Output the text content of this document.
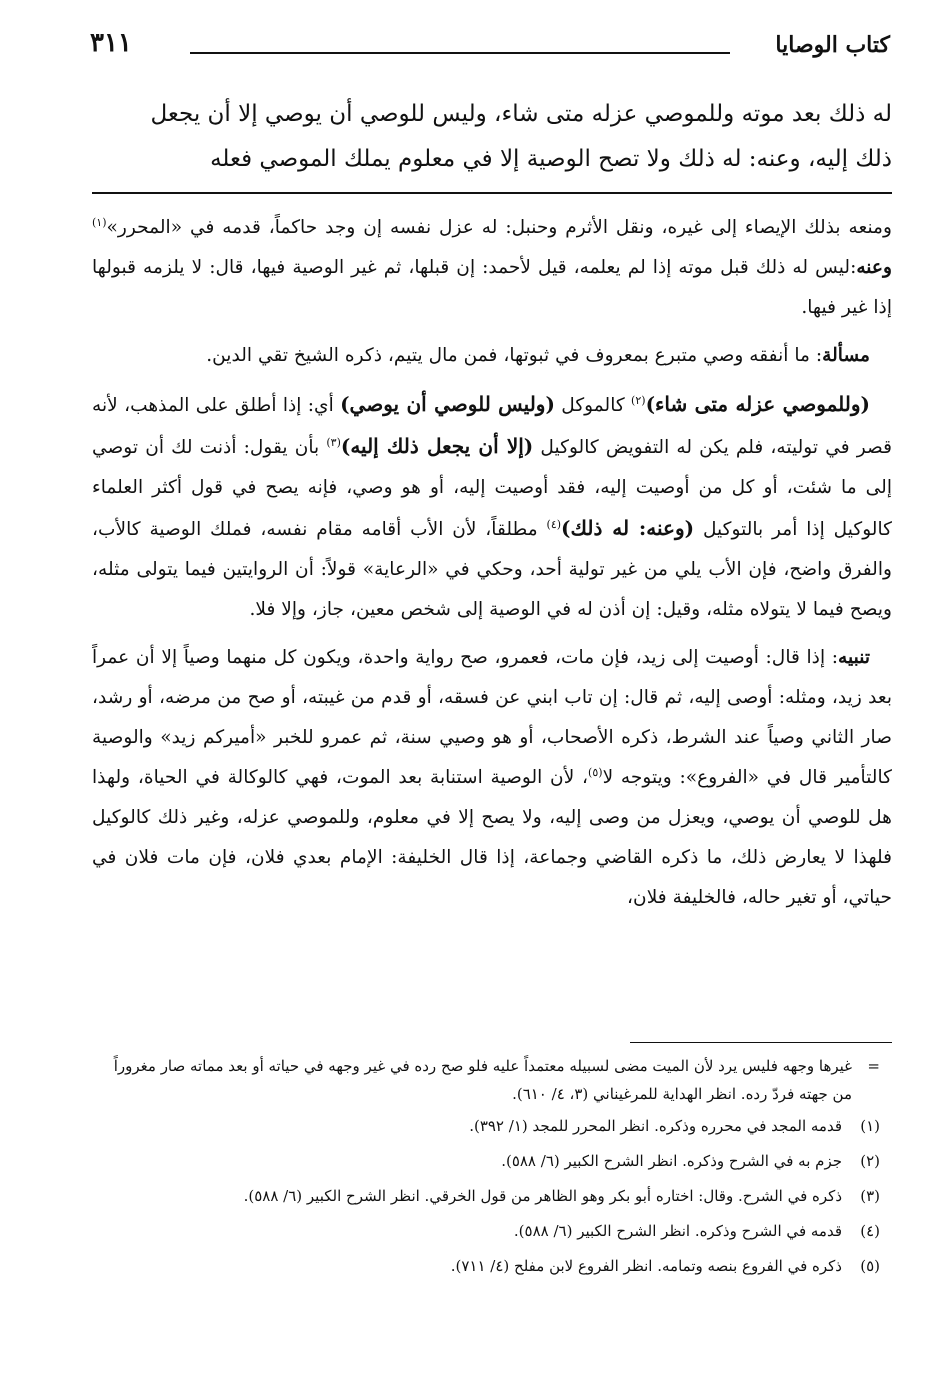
كتاب الوصايا
٣١١

له ذلك بعد موته وللموصي عزله متى شاء، وليس للوصي أن يوصي إلا أن يجعل

ذلك إليه، وعنه: له ذلك ولا تصح الوصية إلا في معلوم يملك الموصي فعله

ومنعه بذلك الإيصاء إلى غيره، ونقل الأثرم وحنبل: له عزل نفسه إن وجد حاكماً، قدمه في «المحرر»$^{(١)}$ وعنه:ليس له ذلك قبل موته إذا لم يعلمه، قيل لأحمد: إن قبلها، ثم غير الوصية فيها، قال: لا يلزمه قبولها إذا غير فيها.

مسألة: ما أنفقه وصي متبرع بمعروف في ثبوتها، فمن مال يتيم، ذكره الشيخ تقي الدين.

(وللموصي عزله متى شاء)$^{(٢)}$ كالموكل (وليس للوصي أن يوصي) أي: إذا أطلق على المذهب، لأنه قصر في توليته، فلم يكن له التفويض كالوكيل (إلا أن يجعل ذلك إليه)$^{(٣)}$ بأن يقول: أذنت لك أن توصي إلى ما شئت، أو كل من أوصيت إليه، فقد أوصيت إليه، أو هو وصي، فإنه يصح في قول أكثر العلماء كالوكيل إذا أمر بالتوكيل (وعنه: له ذلك)$^{(٤)}$ مطلقاً، لأن الأب أقامه مقام نفسه، فملك الوصية كالأب، والفرق واضح، فإن الأب يلي من غير تولية أحد، وحكي في «الرعاية» قولاً: أن الروايتين فيما يتولى مثله، ويصح فيما لا يتولاه مثله، وقيل: إن أذن له في الوصية إلى شخص معين، جاز، وإلا فلا.

تنبيه: إذا قال: أوصيت إلى زيد، فإن مات، فعمرو، صح رواية واحدة، ويكون كل منهما وصياً إلا أن عمراً بعد زيد، ومثله: أوصى إليه، ثم قال: إن تاب ابني عن فسقه، أو قدم من غيبته، أو صح من مرضه، أو رشد، صار الثاني وصياً عند الشرط، ذكره الأصحاب، أو هو وصيي سنة، ثم عمرو للخبر «أميركم زيد» والوصية كالتأمير قال في «الفروع»: ويتوجه لا$^{(٥)}$، لأن الوصية استنابة بعد الموت، فهي كالوكالة في الحياة، ولهذا هل للوصي أن يوصي، ويعزل من وصى إليه، ولا يصح إلا في معلوم، وللموصي عزله، وغير ذلك كالوكيل فلهذا لا يعارض ذلك، ما ذكره القاضي وجماعة، إذا قال الخليفة: الإمام بعدي فلان، فإن مات فلان في حياتي، أو تغير حاله، فالخليفة فلان،

=
غيرها وجهه فليس يرد لأن الميت مضى لسبيله معتمداً عليه فلو صح رده في غير وجهه في حياته أو بعد مماته صار مغروراً من جهته فردّ رده. انظر الهداية للمرغيناني (٣، ٤/ ٦١٠).
(١)
قدمه المجد في محرره وذكره. انظر المحرر للمجد (١/ ٣٩٢).
(٢)
جزم به في الشرح وذكره. انظر الشرح الكبير (٦/ ٥٨٨).
(٣)
ذكره في الشرح. وقال: اختاره أبو بكر وهو الظاهر من قول الخرقي. انظر الشرح الكبير (٦/ ٥٨٨).
(٤)
قدمه في الشرح وذكره. انظر الشرح الكبير (٦/ ٥٨٨).
(٥)
ذكره في الفروع بنصه وتمامه. انظر الفروع لابن مفلح (٤/ ٧١١).
